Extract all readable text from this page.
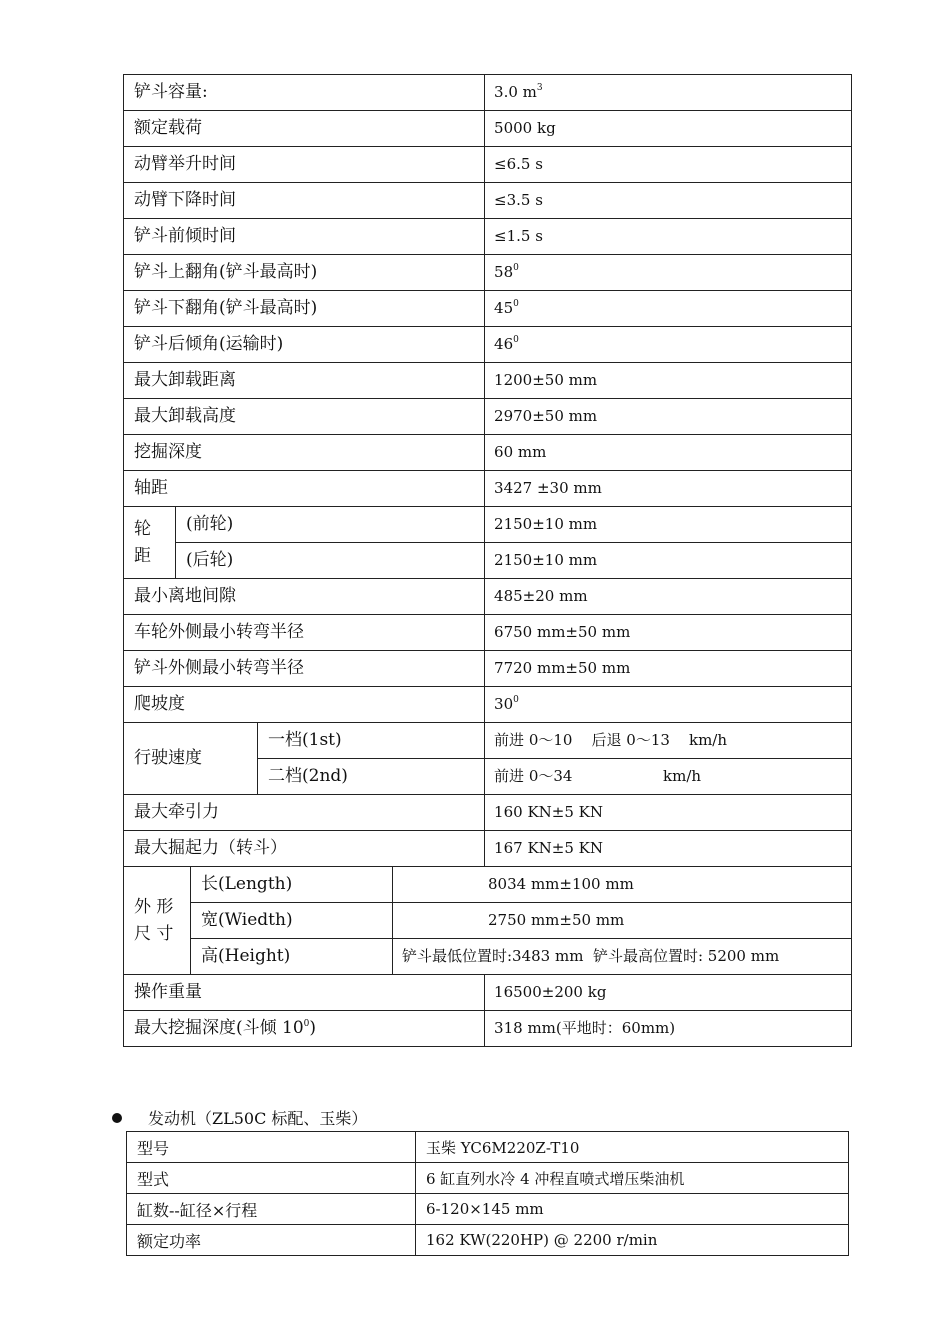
铲斗容量:					3.0 $m^3$
额定载荷					5000 kg
动臂举升时间					≤6.5 s
动臂下降时间					≤3.5 s
铲斗前倾时间					≤1.5 s
铲斗上翻角(铲斗最高时)					$58^0$
铲斗下翻角(铲斗最高时)					$45^0$
铲斗后倾角(运输时)					$46^0$
最大卸载距离					1200±50 mm
最大卸载高度					2970±50 mm
挖掘深度					60 mm
轴距					3427 ±30 mm
轮
距	(前轮)				2150±10 mm
	(后轮)				2150±10 mm
最小离地间隙					485±20 mm
车轮外侧最小转弯半径					6750 mm±50 mm
铲斗外侧最小转弯半径					7720 mm±50 mm
爬坡度					$30^0$
行驶速度			一档(1st)		前进 0～10    后退 0～13    km/h
			二档(2nd)		前进 0～34                   km/h
最大牵引力					160 KN±5 KN
最大掘起力（转斗）					167 KN±5 KN
外 形
尺 寸		长(Length)		8034 mm±100 mm	
		宽(Wiedth)		2750 mm±50 mm	
		高(Height)		铲斗最低位置时:3483 mm  铲斗最高位置时: 5200 mm	
操作重量					16500±200 kg
最大挖掘深度(斗倾 $10^0$)					318 mm(平地时：60mm)
发动机（ZL50C 标配、玉柴）
型号	玉柴 YC6M220Z-T10
型式	6 缸直列水冷 4 冲程直喷式增压柴油机
缸数--缸径×行程	6-120×145 mm
额定功率	162 KW(220HP) @ 2200 r/min
